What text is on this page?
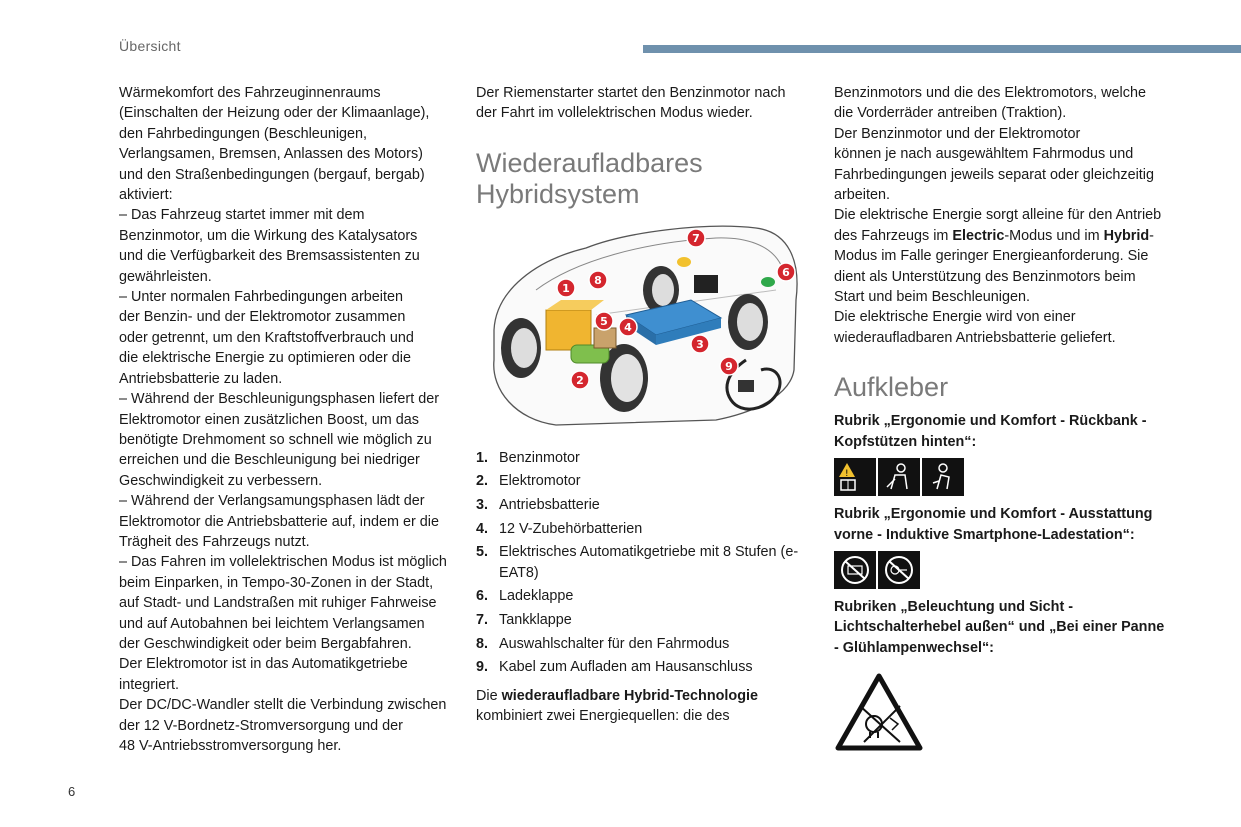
Übersicht

Wärmekomfort des Fahrzeuginnenraums

(Einschalten der Heizung oder der Klimaanlage),

den Fahrbedingungen (Beschleunigen,

Verlangsamen, Bremsen, Anlassen des Motors)

und den Straßenbedingungen (bergauf, bergab)

aktiviert:

– Das Fahrzeug startet immer mit dem

Benzinmotor, um die Wirkung des Katalysators

und die Verfügbarkeit des Bremsassistenten zu

gewährleisten.

– Unter normalen Fahrbedingungen arbeiten

der Benzin- und der Elektromotor zusammen

oder getrennt, um den Kraftstoffverbrauch und

die elektrische Energie zu optimieren oder die

Antriebsbatterie zu laden.

– Während der Beschleunigungsphasen liefert der

Elektromotor einen zusätzlichen Boost, um das

benötigte Drehmoment so schnell wie möglich zu

erreichen und die Beschleunigung bei niedriger

Geschwindigkeit zu verbessern.

– Während der Verlangsamungsphasen lädt der

Elektromotor die Antriebsbatterie auf, indem er die

Trägheit des Fahrzeugs nutzt.

– Das Fahren im vollelektrischen Modus ist möglich

beim Einparken, in Tempo-30-Zonen in der Stadt,

auf Stadt- und Landstraßen mit ruhiger Fahrweise

und auf Autobahnen bei leichtem Verlangsamen

der Geschwindigkeit oder beim Bergabfahren.

Der Elektromotor ist in das Automatikgetriebe

integriert.

Der DC/DC-Wandler stellt die Verbindung zwischen

der 12 V-Bordnetz-Stromversorgung und der

48 V-Antriebsstromversorgung her.

Der Riemenstarter startet den Benzinmotor nach

der Fahrt im vollelektrischen Modus wieder.

Wiederaufladbares
Hybridsystem
1
2
3
4
5
6
7
8
9
1. Benzinmotor
2. Elektromotor
3. Antriebsbatterie
4. 12 V-Zubehörbatterien
5. Elektrisches Automatikgetriebe mit 8 Stufen (e-EAT8)
6. Ladeklappe
7. Tankklappe
8. Auswahlschalter für den Fahrmodus
9. Kabel zum Aufladen am Hausanschluss

Die wiederaufladbare Hybrid-Technologie

kombiniert zwei Energiequellen: die des

Benzinmotors und die des Elektromotors, welche

die Vorderräder antreiben (Traktion).

Der Benzinmotor und der Elektromotor

können je nach ausgewähltem Fahrmodus und

Fahrbedingungen jeweils separat oder gleichzeitig

arbeiten.

Die elektrische Energie sorgt alleine für den Antrieb

des Fahrzeugs im Electric-Modus und im Hybrid-

Modus im Falle geringer Energieanforderung. Sie

dient als Unterstützung des Benzinmotors beim

Start und beim Beschleunigen.

Die elektrische Energie wird von einer

wiederaufladbaren Antriebsbatterie geliefert.

Aufkleber

Rubrik „Ergonomie und Komfort - Rückbank -
Kopfstützen hinten“:

!

Rubrik „Ergonomie und Komfort - Ausstattung
vorne - Induktive Smartphone-Ladestation“:

Rubriken „Beleuchtung und Sicht -
Lichtschalterhebel außen“ und „Bei einer Panne
- Glühlampenwechsel“:

6
